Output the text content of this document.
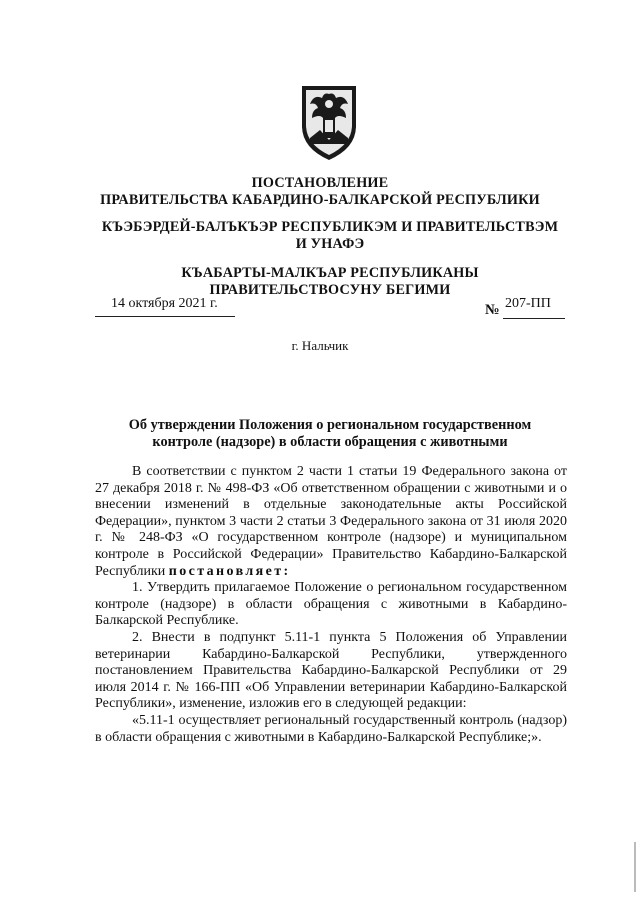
ПОСТАНОВЛЕНИЕ
ПРАВИТЕЛЬСТВА КАБАРДИНО-БАЛКАРСКОЙ РЕСПУБЛИКИ
КЪЭБЭРДЕЙ-БАЛЪКЪЭР РЕСПУБЛИКЭМ И ПРАВИТЕЛЬСТВЭМ И УНАФЭ
КЪАБАРТЫ-МАЛКЪАР РЕСПУБЛИКАНЫ ПРАВИТЕЛЬСТВОСУНУ БЕГИМИ
14 октября 2021 г.	№ 207-ПП
г. Нальчик
Об утверждении Положения о региональном государственном контроле (надзоре) в области обращения с животными

В соответствии с пунктом 2 части 1 статьи 19 Федерального закона от 27 декабря 2018 г. № 498-ФЗ «Об ответственном обращении с животными и о внесении изменений в отдельные законодательные акты Российской Федерации», пунктом 3 части 2 статьи 3 Федерального закона от 31 июля 2020 г. № 248-ФЗ «О государственном контроле (надзоре) и муниципальном контроле в Российской Федерации» Правительство Кабардино-Балкарской Республики постановляет:

1. Утвердить прилагаемое Положение о региональном государственном контроле (надзоре) в области обращения с животными в Кабардино-Балкарской Республике.

2. Внести в подпункт 5.11-1 пункта 5 Положения об Управлении ветеринарии Кабардино-Балкарской Республики, утвержденного постановлением Правительства Кабардино-Балкарской Республики от 29 июля 2014 г. № 166-ПП «Об Управлении ветеринарии Кабардино-Балкарской Республики», изменение, изложив его в следующей редакции:

«5.11-1 осуществляет региональный государственный контроль (надзор) в области обращения с животными в Кабардино-Балкарской Республике;».
